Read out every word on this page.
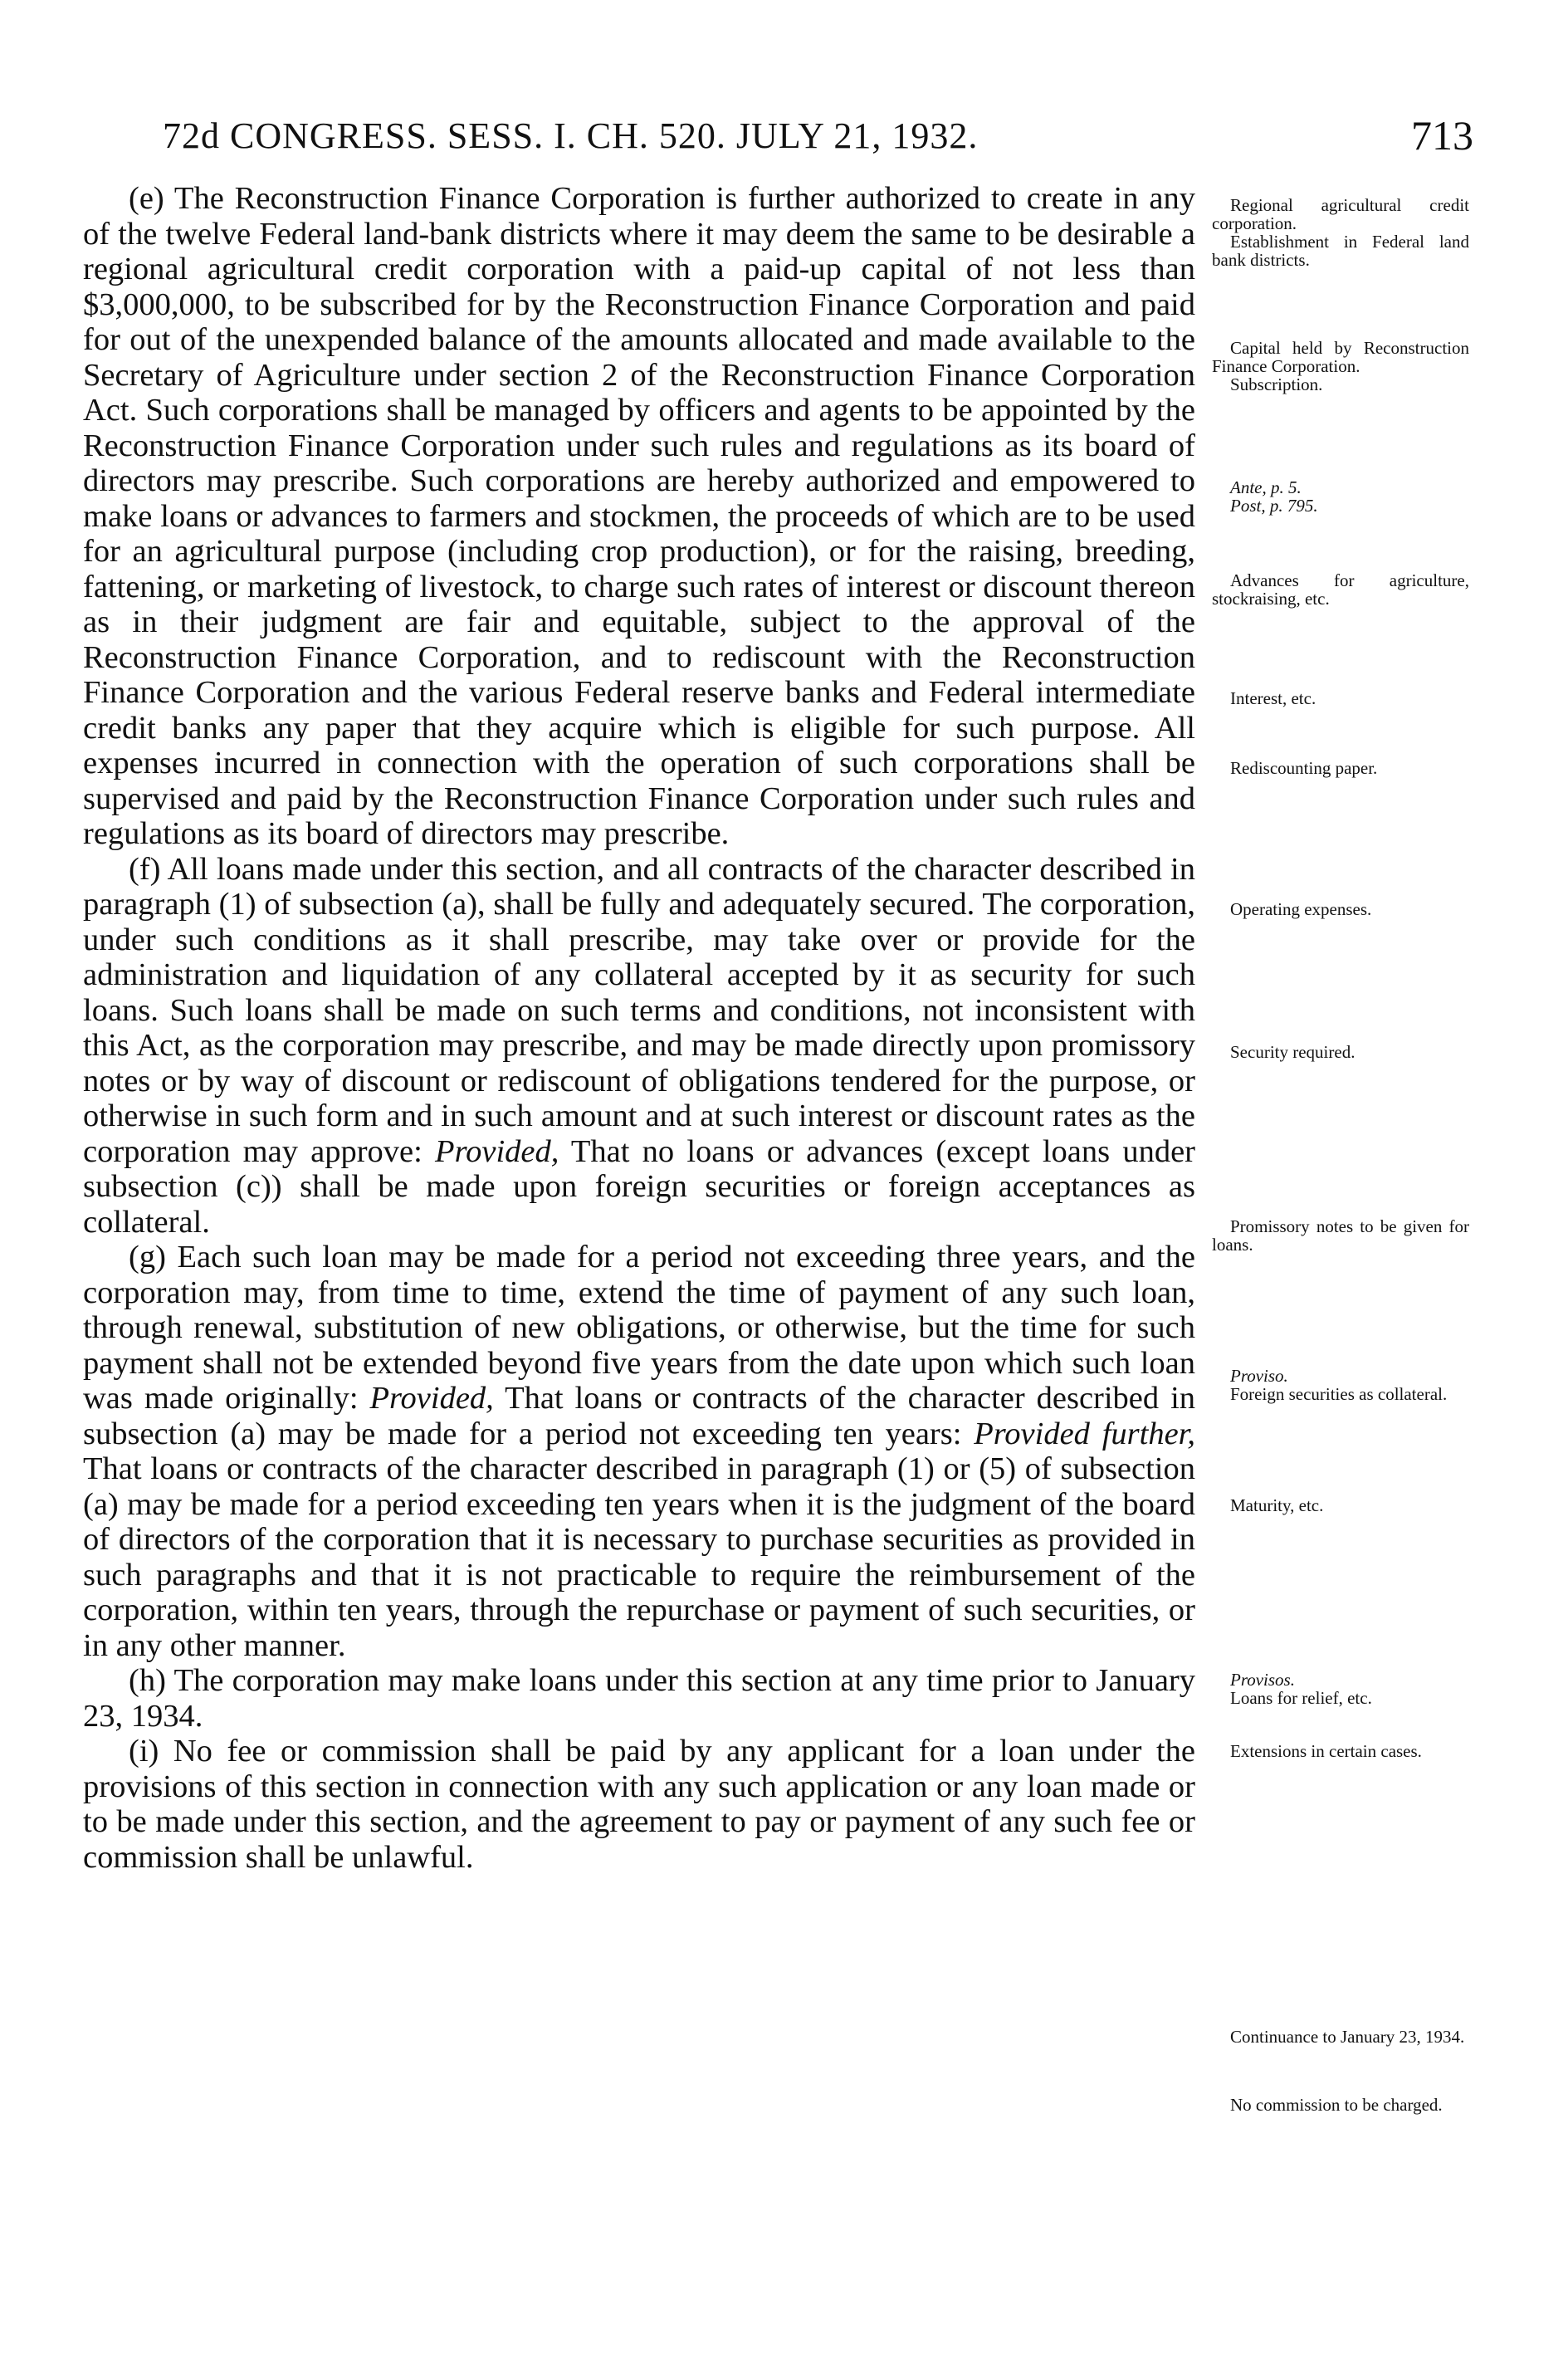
72d CONGRESS. SESS. I. CH. 520. JULY 21, 1932.	713

(e) The Reconstruction Finance Corporation is further authorized to create in any of the twelve Federal land-bank districts where it may deem the same to be desirable a regional agricultural credit corporation with a paid-up capital of not less than $3,000,000, to be subscribed for by the Reconstruction Finance Corporation and paid for out of the unexpended balance of the amounts allocated and made available to the Secretary of Agriculture under section 2 of the Reconstruction Finance Corporation Act. Such corporations shall be managed by officers and agents to be appointed by the Reconstruction Finance Corporation under such rules and regulations as its board of directors may prescribe. Such corporations are hereby authorized and empowered to make loans or advances to farmers and stockmen, the proceeds of which are to be used for an agricultural purpose (including crop production), or for the raising, breeding, fattening, or marketing of livestock, to charge such rates of interest or discount thereon as in their judgment are fair and equitable, subject to the approval of the Reconstruction Finance Corporation, and to rediscount with the Reconstruction Finance Corporation and the various Federal reserve banks and Federal intermediate credit banks any paper that they acquire which is eligible for such purpose. All expenses incurred in connection with the operation of such corporations shall be supervised and paid by the Reconstruction Finance Corporation under such rules and regulations as its board of directors may prescribe.

(f) All loans made under this section, and all contracts of the character described in paragraph (1) of subsection (a), shall be fully and adequately secured. The corporation, under such conditions as it shall prescribe, may take over or provide for the administration and liquidation of any collateral accepted by it as security for such loans. Such loans shall be made on such terms and conditions, not inconsistent with this Act, as the corporation may prescribe, and may be made directly upon promissory notes or by way of discount or rediscount of obligations tendered for the purpose, or otherwise in such form and in such amount and at such interest or discount rates as the corporation may approve: Provided, That no loans or advances (except loans under subsection (c)) shall be made upon foreign securities or foreign acceptances as collateral.

(g) Each such loan may be made for a period not exceeding three years, and the corporation may, from time to time, extend the time of payment of any such loan, through renewal, substitution of new obligations, or otherwise, but the time for such payment shall not be extended beyond five years from the date upon which such loan was made originally: Provided, That loans or contracts of the character described in subsection (a) may be made for a period not exceeding ten years: Provided further, That loans or contracts of the character described in paragraph (1) or (5) of subsection (a) may be made for a period exceeding ten years when it is the judgment of the board of directors of the corporation that it is necessary to purchase securities as provided in such paragraphs and that it is not practicable to require the reimbursement of the corporation, within ten years, through the repurchase or payment of such securities, or in any other manner.

(h) The corporation may make loans under this section at any time prior to January 23, 1934.

(i) No fee or commission shall be paid by any applicant for a loan under the provisions of this section in connection with any such application or any loan made or to be made under this section, and the agreement to pay or payment of any such fee or commission shall be unlawful.

Regional agricultural credit corporation.
Establishment in Federal land bank districts.
Capital held by Reconstruction Finance Corporation.
Subscription.
Ante, p. 5.
Post, p. 795.
Advances for agriculture, stockraising, etc.
Interest, etc.
Rediscounting paper.
Operating expenses.
Security required.
Promissory notes to be given for loans.
Proviso.
Foreign securities as collateral.
Maturity, etc.
Provisos.
Loans for relief, etc.
Extensions in certain cases.
Continuance to January 23, 1934.
No commission to be charged.
